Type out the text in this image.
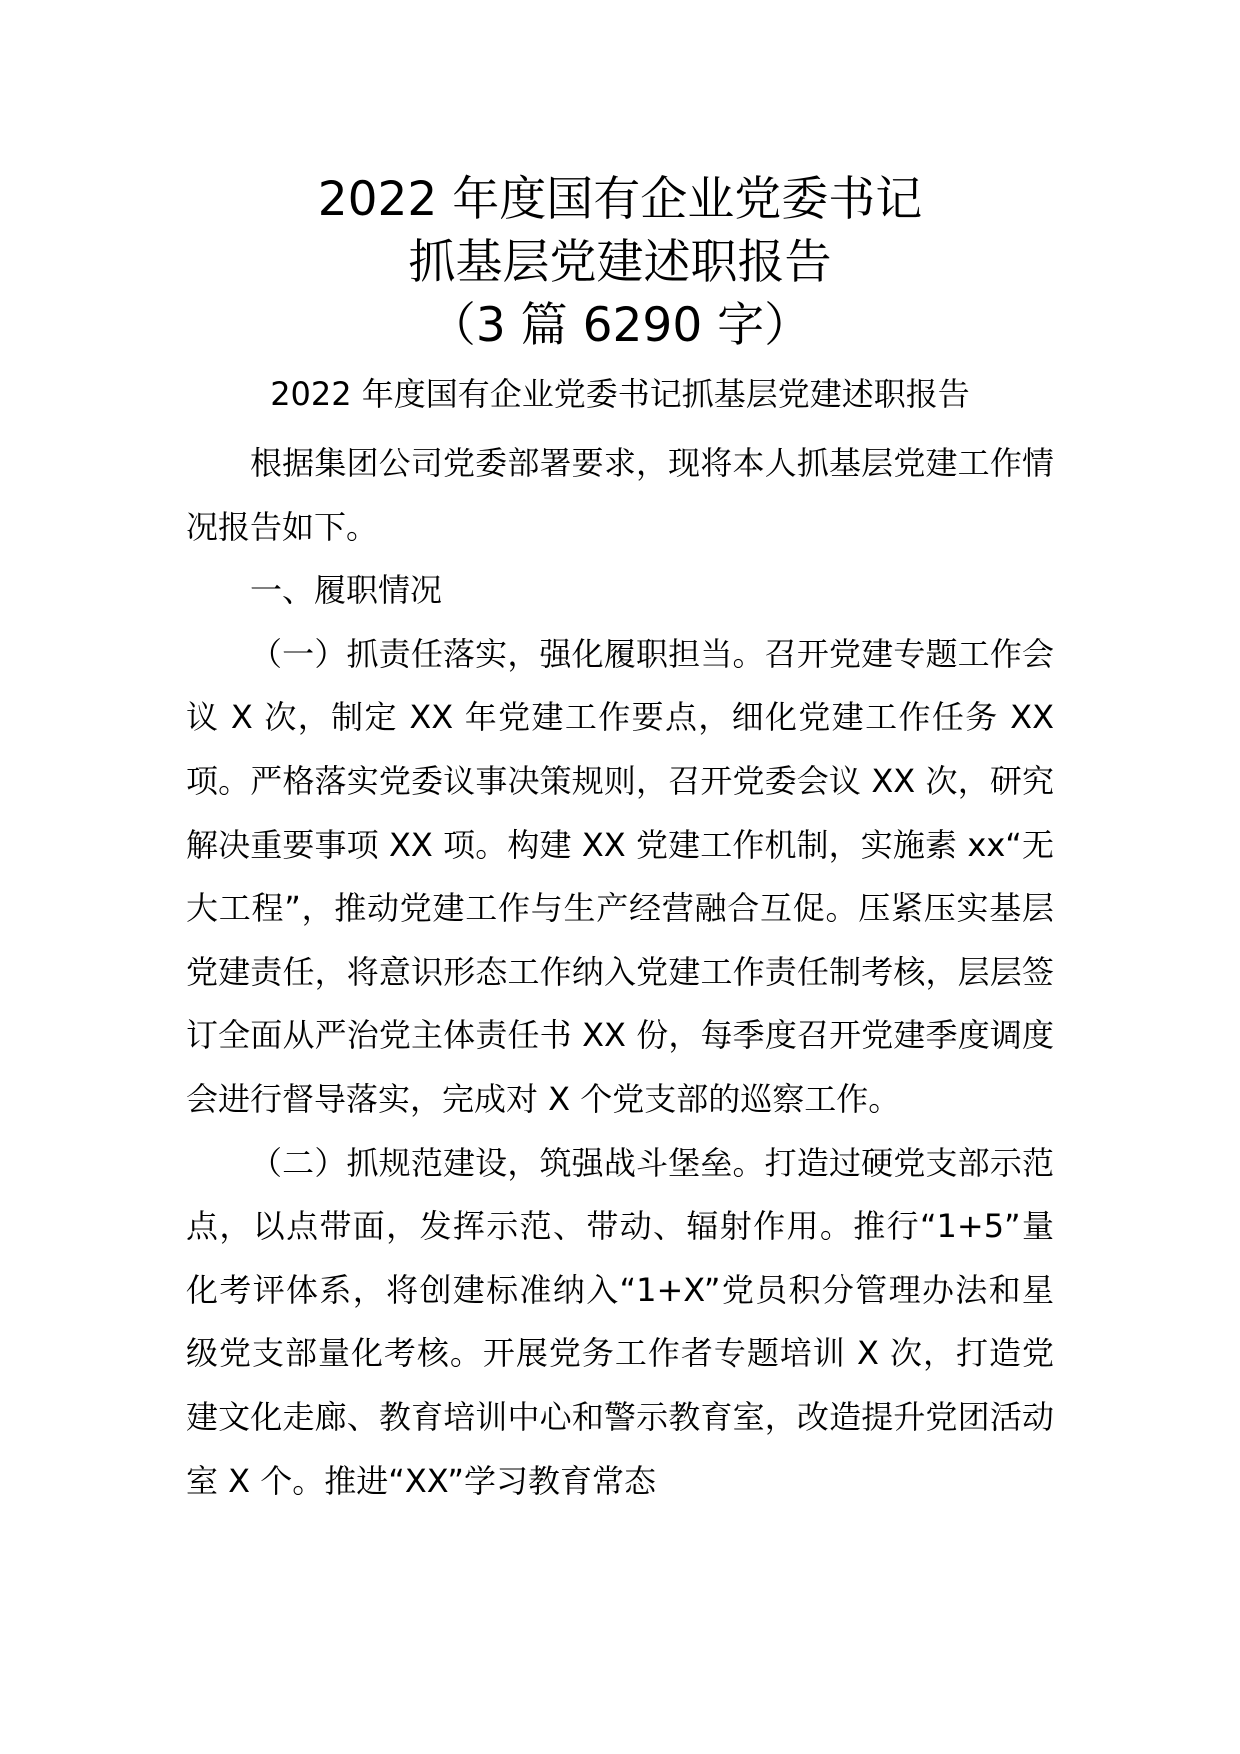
2022 年度国有企业党委书记
抓基层党建述职报告
（3 篇 6290 字）
2022 年度国有企业党委书记抓基层党建述职报告

根据集团公司党委部署要求，现将本人抓基层党建工作情况报告如下。

一、履职情况

（一）抓责任落实，强化履职担当。召开党建专题工作会议 X 次，制定 XX 年党建工作要点，细化党建工作任务 XX 项。严格落实党委议事决策规则，召开党委会议 XX 次，研究解决重要事项 XX 项。构建 XX 党建工作机制，实施素 xx“无大工程”，推动党建工作与生产经营融合互促。压紧压实基层党建责任，将意识形态工作纳入党建工作责任制考核，层层签订全面从严治党主体责任书 XX 份，每季度召开党建季度调度会进行督导落实，完成对 X 个党支部的巡察工作。

（二）抓规范建设，筑强战斗堡垒。打造过硬党支部示范点，以点带面，发挥示范、带动、辐射作用。推行“1+5”量化考评体系，将创建标准纳入“1+X”党员积分管理办法和星级党支部量化考核。开展党务工作者专题培训 X 次，打造党建文化走廊、教育培训中心和警示教育室，改造提升党团活动室 X 个。推进“XX”学习教育常态
